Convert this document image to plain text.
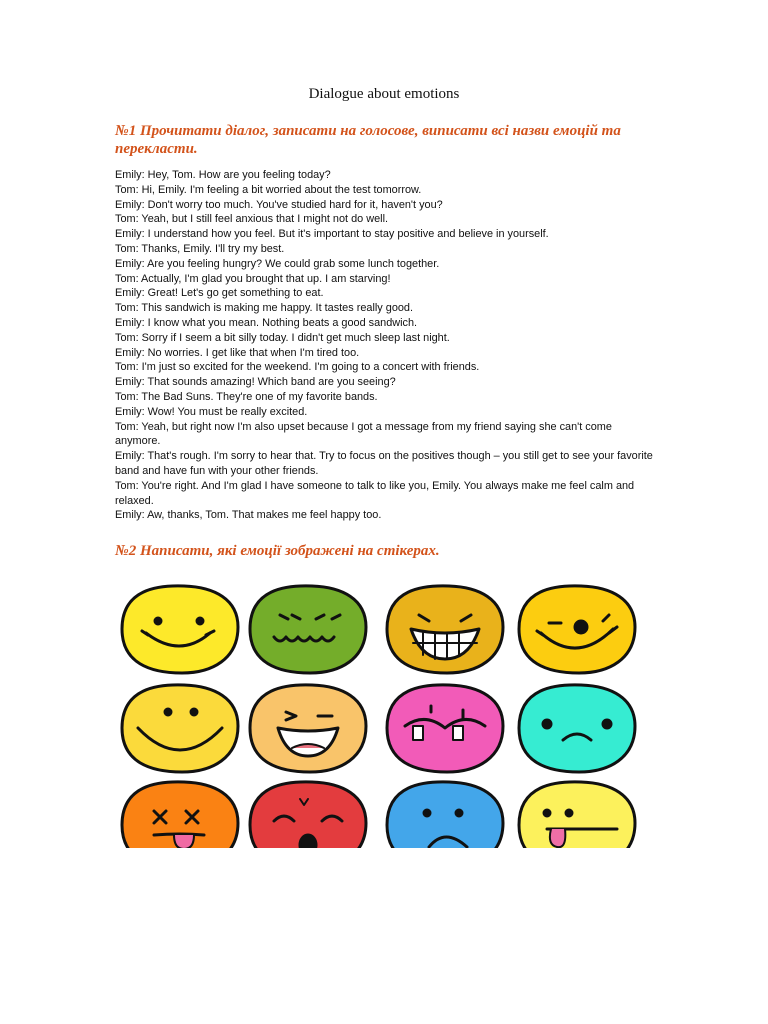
Dialogue about emotions
№1 Прочитати діалог, записати на голосове, виписати всі назви емоцій та перекласти.
Emily: Hey, Tom. How are you feeling today?
Tom: Hi, Emily. I'm feeling a bit worried about the test tomorrow.
Emily: Don't worry too much. You've studied hard for it, haven't you?
Tom: Yeah, but I still feel anxious that I might not do well.
Emily: I understand how you feel. But it's important to stay positive and believe in yourself.
Tom: Thanks, Emily. I'll try my best.
Emily: Are you feeling hungry? We could grab some lunch together.
Tom: Actually, I'm glad you brought that up. I am starving!
Emily: Great! Let's go get something to eat.
Tom: This sandwich is making me happy. It tastes really good.
Emily: I know what you mean. Nothing beats a good sandwich.
Tom: Sorry if I seem a bit silly today. I didn't get much sleep last night.
Emily: No worries. I get like that when I'm tired too.
Tom: I'm just so excited for the weekend. I'm going to a concert with friends.
Emily: That sounds amazing! Which band are you seeing?
Tom: The Bad Suns. They're one of my favorite bands.
Emily: Wow! You must be really excited.
Tom: Yeah, but right now I'm also upset because I got a message from my friend saying she can't come anymore.
Emily: That's rough. I'm sorry to hear that. Try to focus on the positives though – you still get to see your favorite band and have fun with your other friends.
Tom: You're right. And I'm glad I have someone to talk to like you, Emily. You always make me feel calm and relaxed.
Emily: Aw, thanks, Tom. That makes me feel happy too.
№2 Написати, які емоції зображені на стікерах.
